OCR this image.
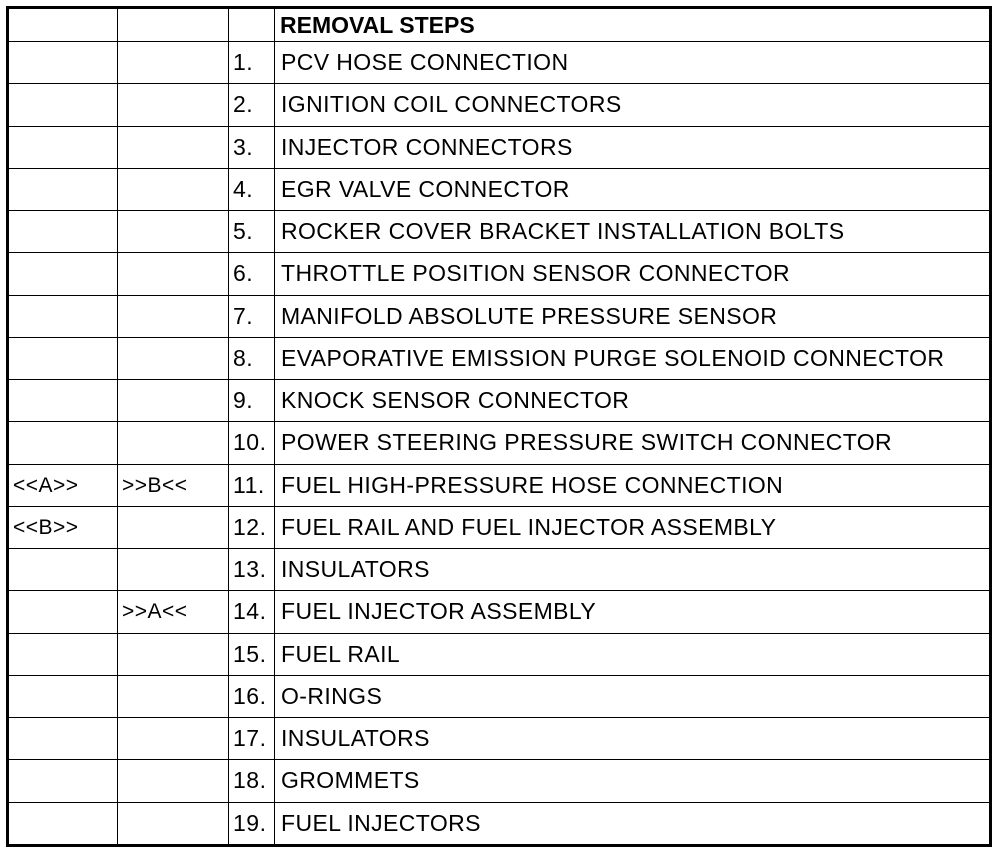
			REMOVAL STEPS
		1.	PCV HOSE CONNECTION
		2.	IGNITION COIL CONNECTORS
		3.	INJECTOR CONNECTORS
		4.	EGR VALVE CONNECTOR
		5.	ROCKER COVER BRACKET INSTALLATION BOLTS
		6.	THROTTLE POSITION SENSOR CONNECTOR
		7.	MANIFOLD ABSOLUTE PRESSURE SENSOR
		8.	EVAPORATIVE EMISSION PURGE SOLENOID CONNECTOR
		9.	KNOCK SENSOR CONNECTOR
		10.	POWER STEERING PRESSURE SWITCH CONNECTOR
<<A>>	>>B<<	11.	FUEL HIGH-PRESSURE HOSE CONNECTION
<<B>>		12.	FUEL RAIL AND FUEL INJECTOR ASSEMBLY
		13.	INSULATORS
	>>A<<	14.	FUEL INJECTOR ASSEMBLY
		15.	FUEL RAIL
		16.	O-RINGS
		17.	INSULATORS
		18.	GROMMETS
		19.	FUEL INJECTORS
